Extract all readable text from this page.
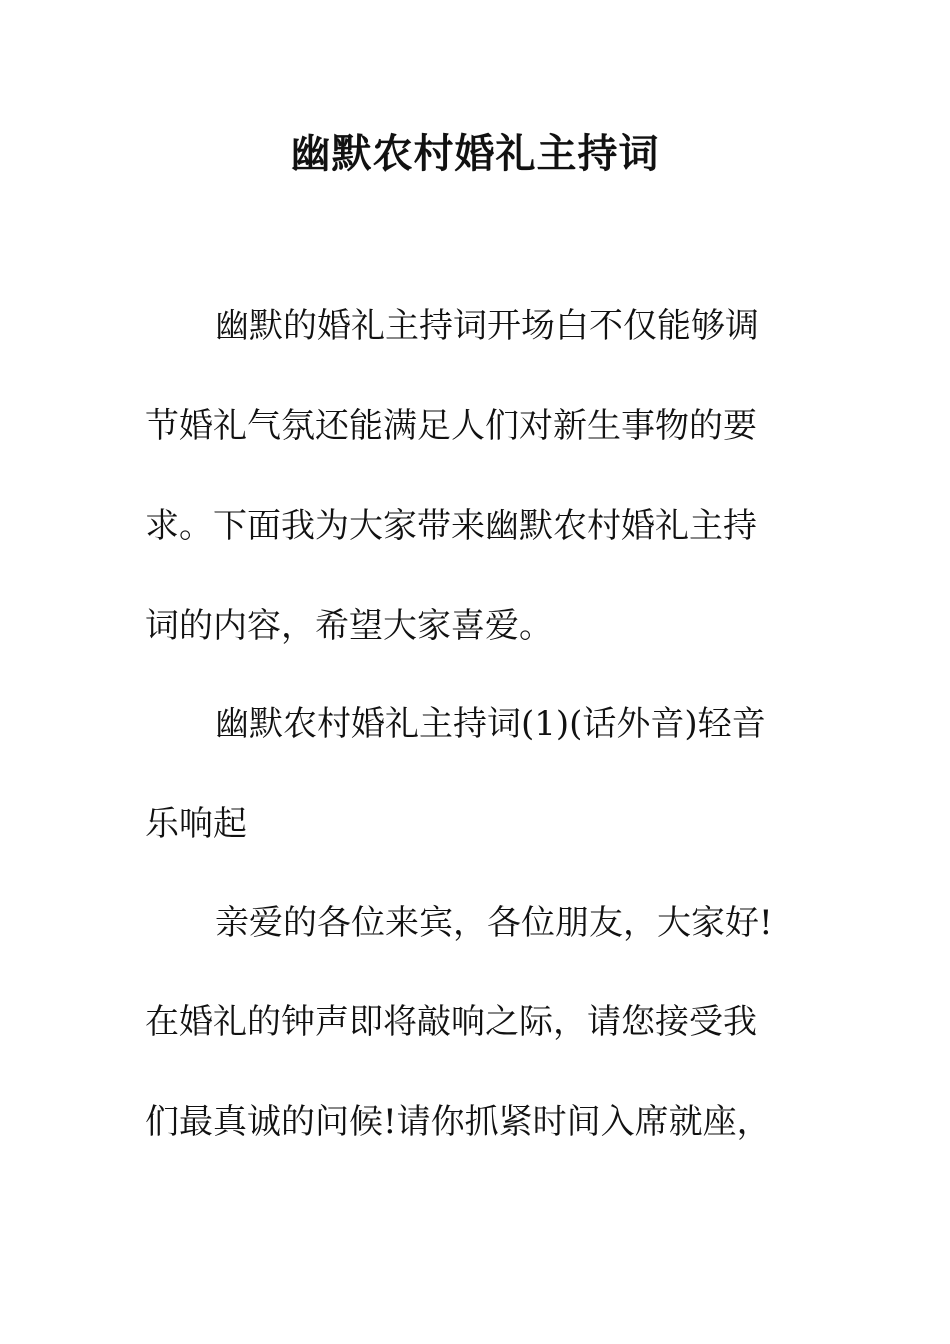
幽默农村婚礼主持词
幽默的婚礼主持词开场白不仅能够调
节婚礼气氛还能满足人们对新生事物的要
求。下面我为大家带来幽默农村婚礼主持
词的内容，希望大家喜爱。
幽默农村婚礼主持词(1)(话外音)轻音
乐响起
亲爱的各位来宾，各位朋友，大家好!
在婚礼的钟声即将敲响之际，请您接受我
们最真诚的问候!请你抓紧时间入席就座，
